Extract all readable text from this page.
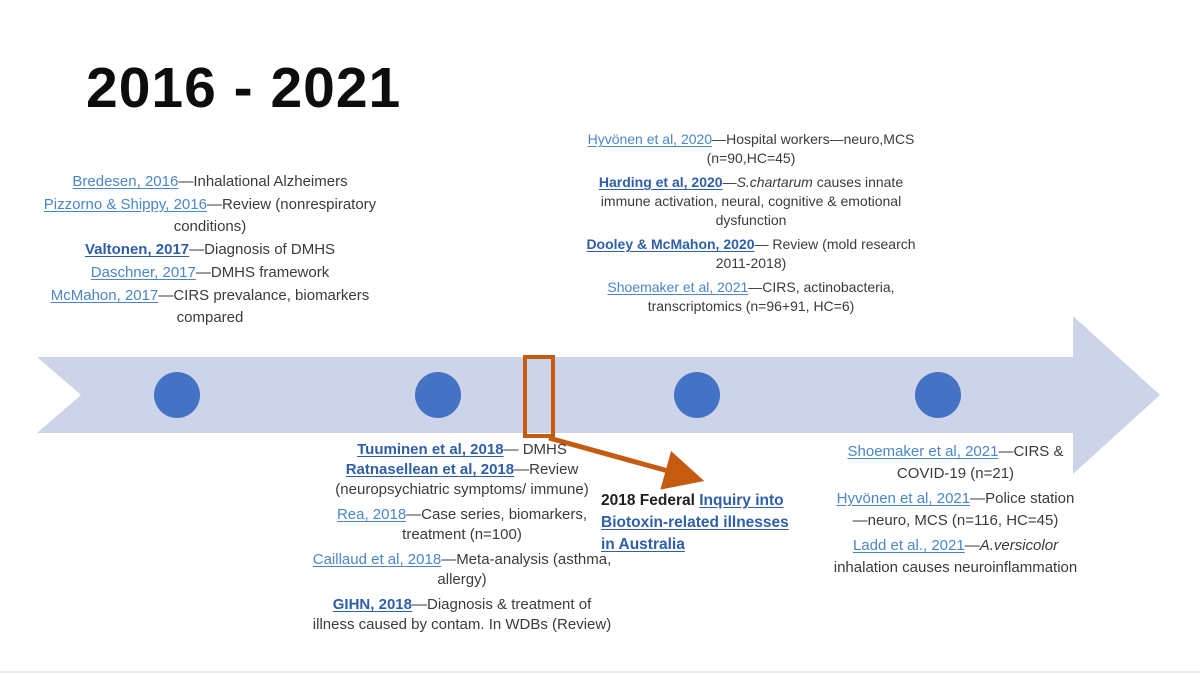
2016 - 2021

Bredesen, 2016—Inhalational Alzheimers

Pizzorno & Shippy, 2016—Review (nonrespiratory conditions)

Valtonen, 2017—Diagnosis of DMHS

Daschner, 2017—DMHS framework

McMahon, 2017—CIRS prevalance, biomarkers compared

Hyvönen et al, 2020—Hospital workers—neuro,MCS (n=90,HC=45)

Harding et al, 2020—S.chartarum causes innate immune activation, neural, cognitive & emotional dysfunction

Dooley & McMahon, 2020— Review (mold research 2011-2018)

Shoemaker et al, 2021—CIRS, actinobacteria, transcriptomics (n=96+91, HC=6)

Tuuminen et al, 2018— DMHS

Ratnasellean et al, 2018—Review (neuropsychiatric symptoms/ immune)

Rea, 2018—Case series, biomarkers, treatment (n=100)

Caillaud et al, 2018—Meta-analysis (asthma, allergy)

GIHN, 2018—Diagnosis & treatment of illness caused by contam. In WDBs (Review)

2018 Federal Inquiry into Biotoxin-related illnesses in Australia

Shoemaker et al, 2021—CIRS & COVID-19 (n=21)

Hyvönen et al, 2021—Police station—neuro, MCS (n=116, HC=45)

Ladd et al., 2021—A.versicolor inhalation causes neuroinflammation
